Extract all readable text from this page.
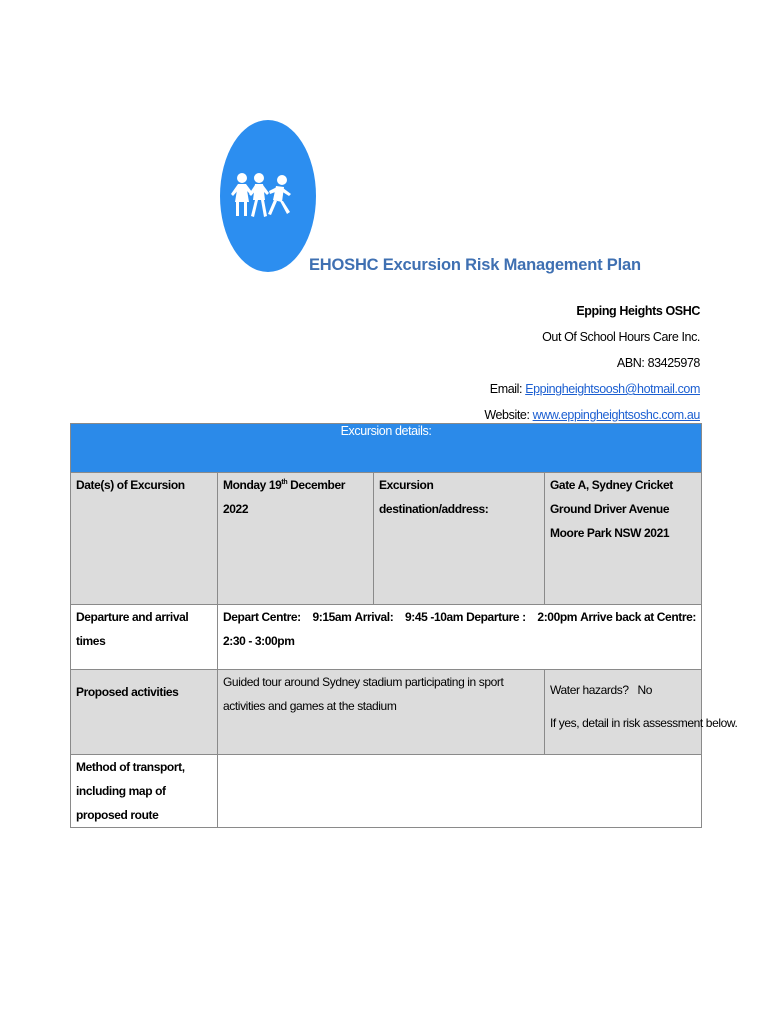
EHOSHC Excursion Risk Management Plan
Epping Heights OSHC
Out Of School Hours Care Inc.
ABN: 83425978
Email: Eppingheightsoosh@hotmail.com
Website: www.eppingheightsoshc.com.au
Excursion details:			
Date(s) of Excursion	Monday 19th December 2022	Excursion destination/address:	Gate A, Sydney Cricket Ground Driver Avenue Moore Park NSW 2021
Departure and arrival times	Depart Centre:    9:15am Arrival:    9:45 -10am Departure :    2:00pm Arrive back at Centre:
2:30 - 3:00pm		

Proposed activities	Guided tour around Sydney stadium participating in sport activities and games at the stadium		Water hazards?   No

If yes, detail in risk assessment below.

Method of transport, including map of proposed route			
